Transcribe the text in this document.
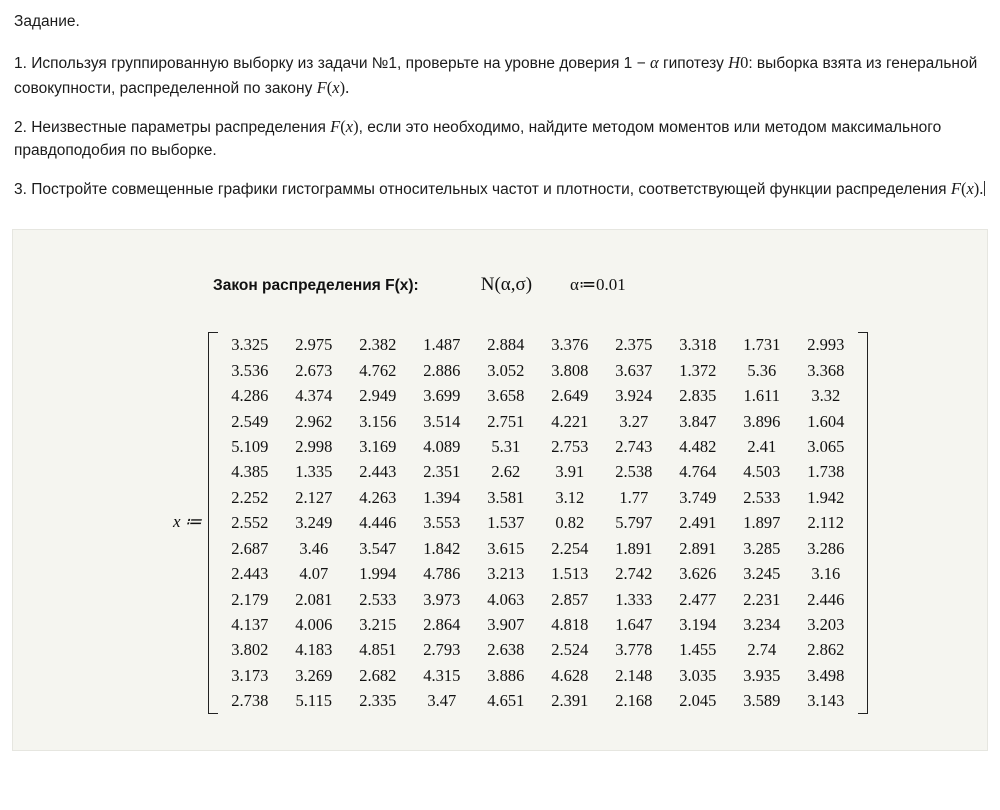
Задание.

1. Используя группированную выборку из задачи №1, проверьте на уровне доверия 1 − α гипотезу H0: выборка взята из генеральной совокупности, распределенной по закону F(x).

2. Неизвестные параметры распределения F(x), если это необходимо, найдите методом моментов или методом максимального правдоподобия по выборке.

3. Постройте совмещенные графики гистограммы относительных частот и плотности, соответствующей функции распределения F(x).

Закон распределения F(x):	N(α,σ) α≔0.01
x ≔
3.325	2.975	2.382	1.487	2.884	3.376	2.375	3.318	1.731	2.993
3.536	2.673	4.762	2.886	3.052	3.808	3.637	1.372	5.36	3.368
4.286	4.374	2.949	3.699	3.658	2.649	3.924	2.835	1.611	3.32
2.549	2.962	3.156	3.514	2.751	4.221	3.27	3.847	3.896	1.604
5.109	2.998	3.169	4.089	5.31	2.753	2.743	4.482	2.41	3.065
4.385	1.335	2.443	2.351	2.62	3.91	2.538	4.764	4.503	1.738
2.252	2.127	4.263	1.394	3.581	3.12	1.77	3.749	2.533	1.942
2.552	3.249	4.446	3.553	1.537	0.82	5.797	2.491	1.897	2.112
2.687	3.46	3.547	1.842	3.615	2.254	1.891	2.891	3.285	3.286
2.443	4.07	1.994	4.786	3.213	1.513	2.742	3.626	3.245	3.16
2.179	2.081	2.533	3.973	4.063	2.857	1.333	2.477	2.231	2.446
4.137	4.006	3.215	2.864	3.907	4.818	1.647	3.194	3.234	3.203
3.802	4.183	4.851	2.793	2.638	2.524	3.778	1.455	2.74	2.862
3.173	3.269	2.682	4.315	3.886	4.628	2.148	3.035	3.935	3.498
2.738	5.115	2.335	3.47	4.651	2.391	2.168	2.045	3.589	3.143
